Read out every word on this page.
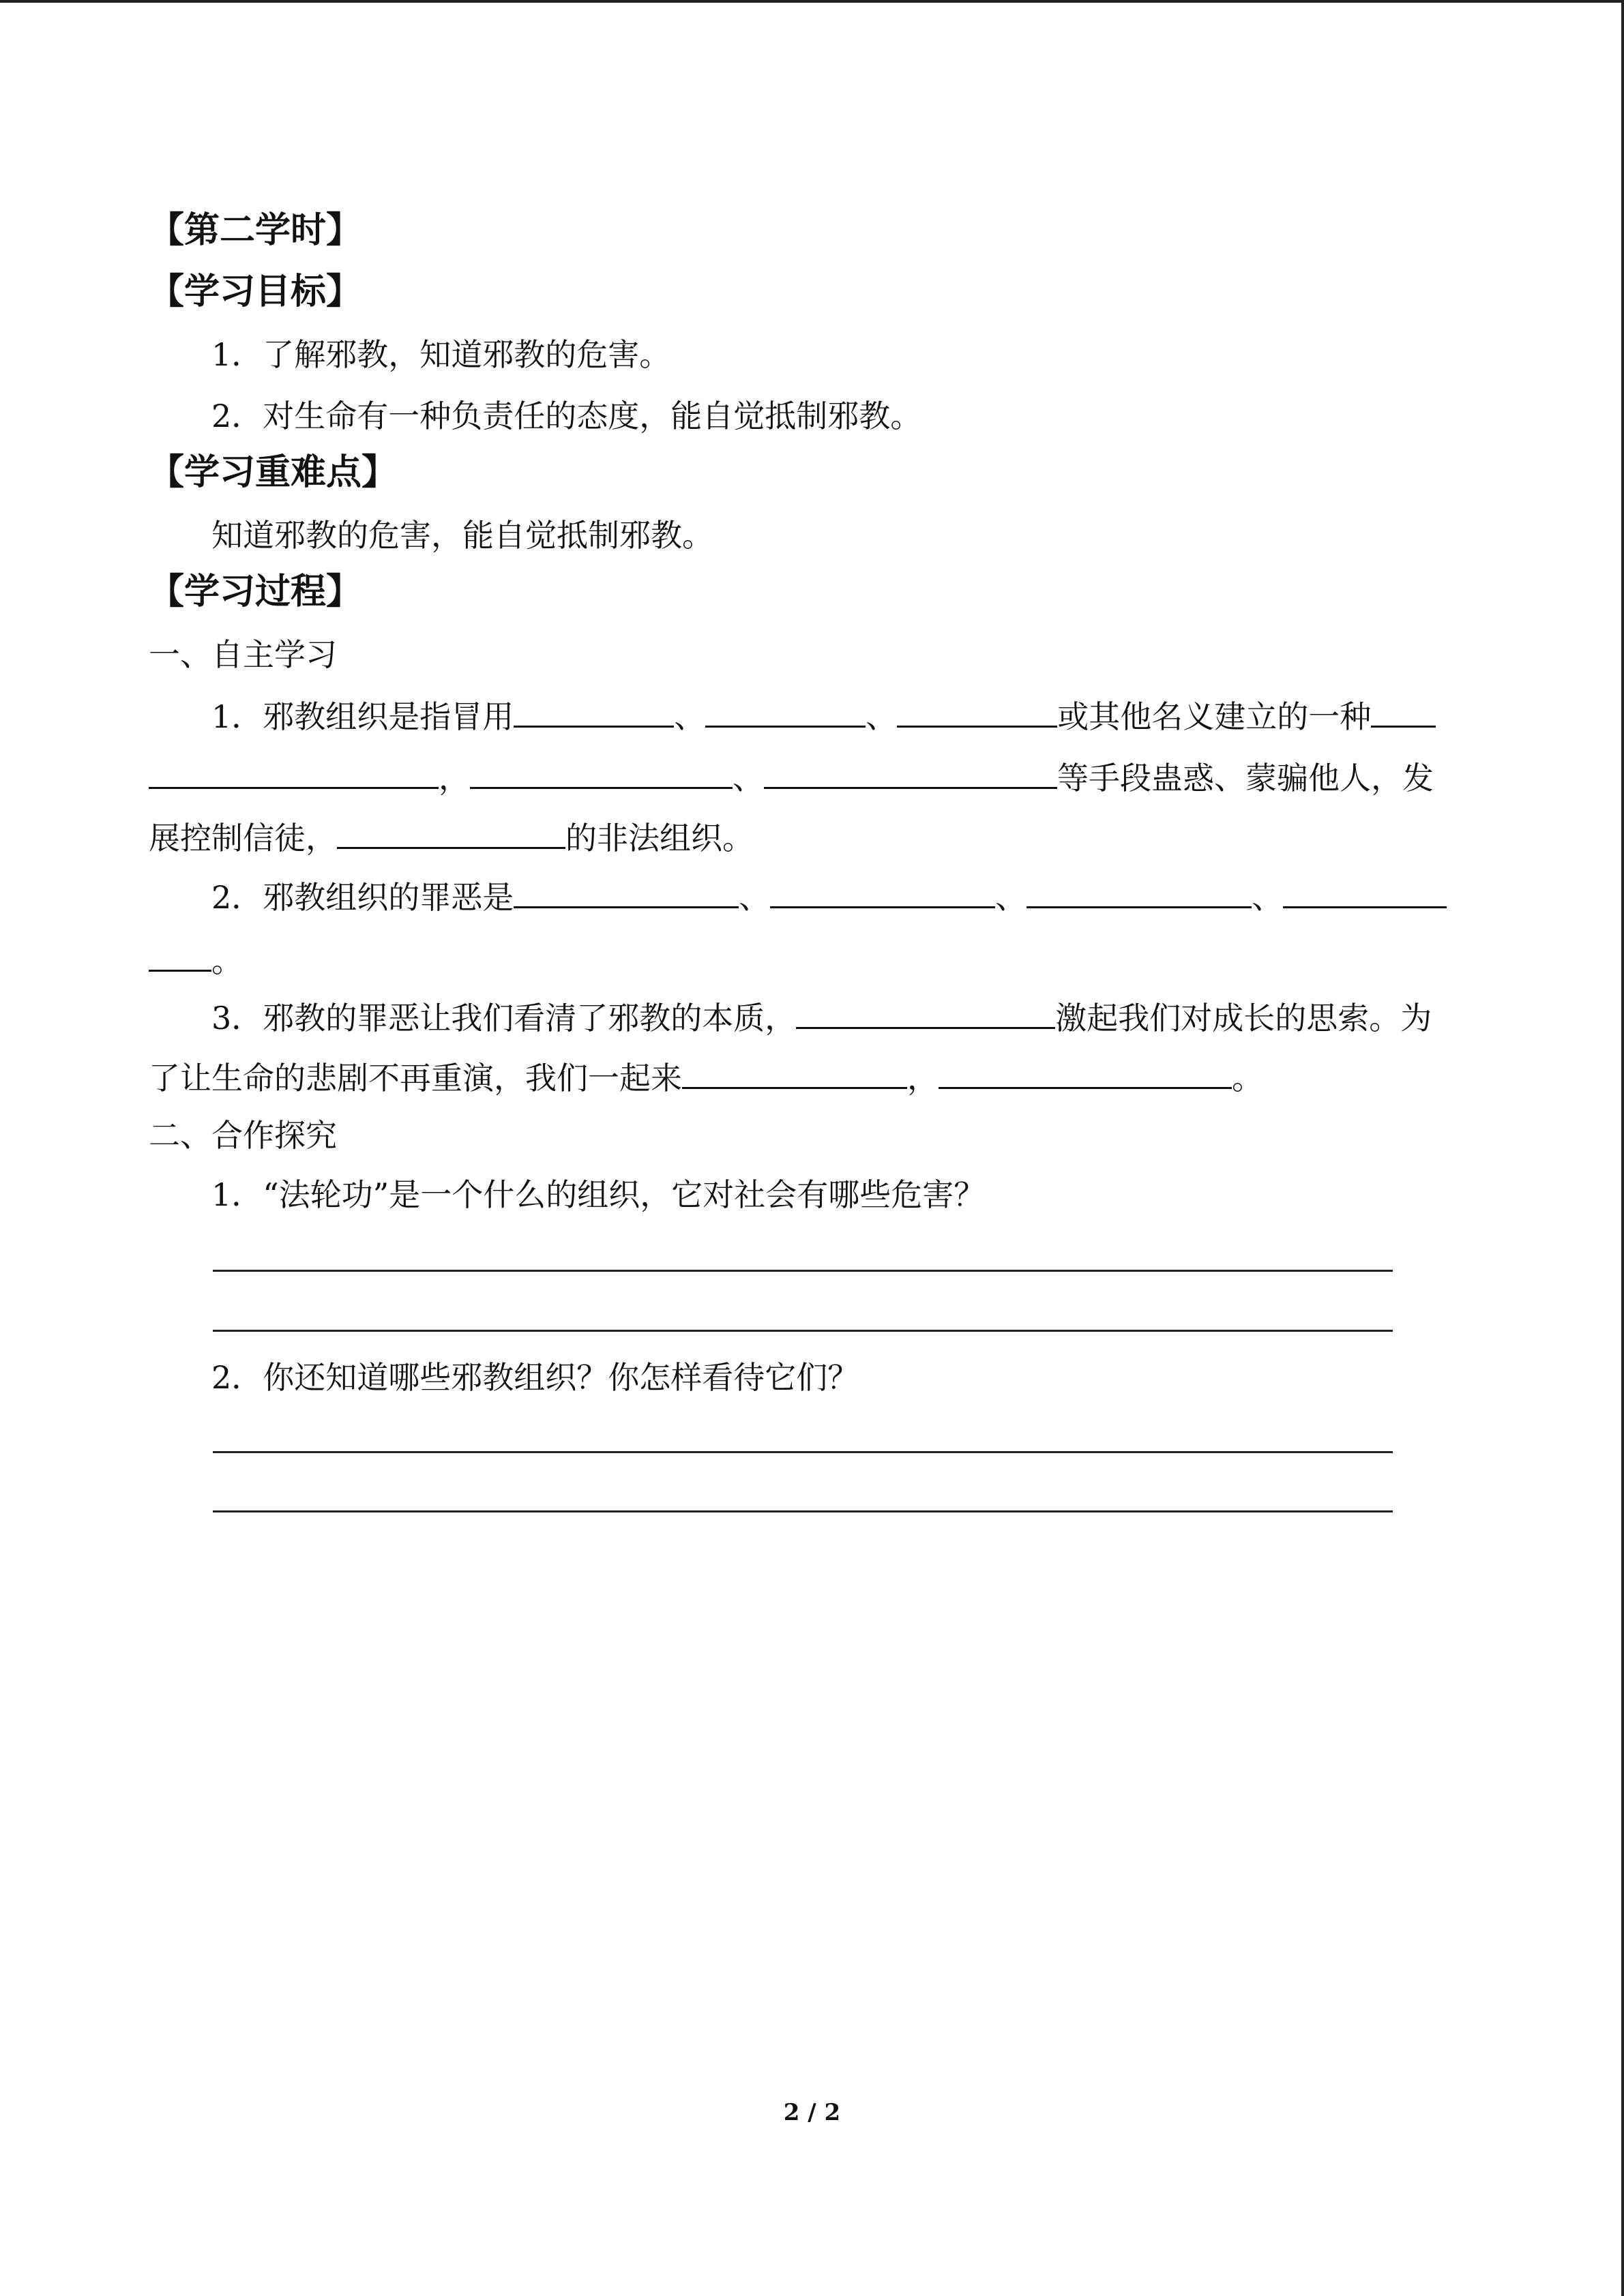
【第二学时】
【学习目标】
1．了解邪教，知道邪教的危害。
2．对生命有一种负责任的态度，能自觉抵制邪教。
【学习重难点】
知道邪教的危害，能自觉抵制邪教。
【学习过程】
一、自主学习
1．邪教组织是指冒用	、	、	或其他名义建立的一种
，	、	等手段蛊惑、蒙骗他人，发
展控制信徒，	的非法组织。
2．邪教组织的罪恶是	、	、	、
。
3．邪教的罪恶让我们看清了邪教的本质，	激起我们对成长的思索。为
了让生命的悲剧不再重演，我们一起来	，	。
二、合作探究
1．“法轮功”是一个什么的组织，它对社会有哪些危害？
2．你还知道哪些邪教组织？你怎样看待它们？
2 / 2
